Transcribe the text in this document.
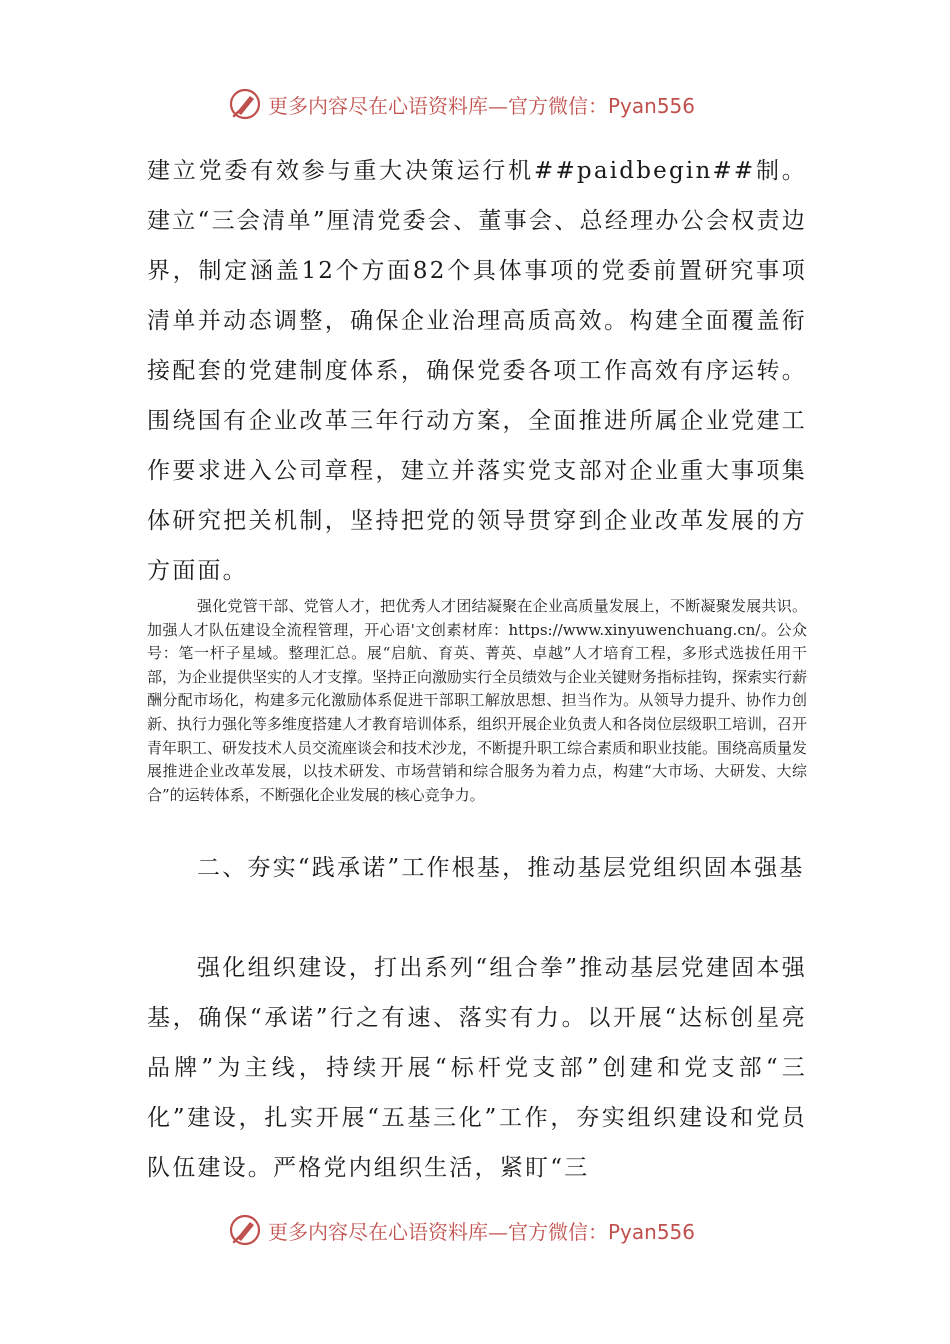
更多内容尽在心语资料库—官方微信：Pyan556

建立党委有效参与重大决策运行机##paidbegin##制。建立“三会清单”厘清党委会、董事会、总经理办公会权责边界，制定涵盖12个方面82个具体事项的党委前置研究事项清单并动态调整，确保企业治理高质高效。构建全面覆盖衔接配套的党建制度体系，确保党委各项工作高效有序运转。围绕国有企业改革三年行动方案，全面推进所属企业党建工作要求进入公司章程，建立并落实党支部对企业重大事项集体研究把关机制，坚持把党的领导贯穿到企业改革发展的方方面面。

强化党管干部、党管人才，把优秀人才团结凝聚在企业高质量发展上，不断凝聚发展共识。加强人才队伍建设全流程管理，开心语'文创素材库：https://www.xinyuwenchuang.cn/。公众号：笔一杆子星域。整理汇总。展“启航、育英、菁英、卓越”人才培育工程，多形式选拔任用干部，为企业提供坚实的人才支撑。坚持正向激励实行全员绩效与企业关键财务指标挂钩，探索实行薪酬分配市场化，构建多元化激励体系促进干部职工解放思想、担当作为。从领导力提升、协作力创新、执行力强化等多维度搭建人才教育培训体系，组织开展企业负责人和各岗位层级职工培训，召开青年职工、研发技术人员交流座谈会和技术沙龙，不断提升职工综合素质和职业技能。围绕高质量发展推进企业改革发展，以技术研发、市场营销和综合服务为着力点，构建“大市场、大研发、大综合”的运转体系，不断强化企业发展的核心竞争力。

二、夯实“践承诺”工作根基，推动基层党组织固本强基

强化组织建设，打出系列“组合拳”推动基层党建固本强基，确保“承诺”行之有速、落实有力。以开展“达标创星亮品牌”为主线，持续开展“标杆党支部”创建和党支部“三化”建设，扎实开展“五基三化”工作，夯实组织建设和党员队伍建设。严格党内组织生活，紧盯“三

更多内容尽在心语资料库—官方微信：Pyan556
